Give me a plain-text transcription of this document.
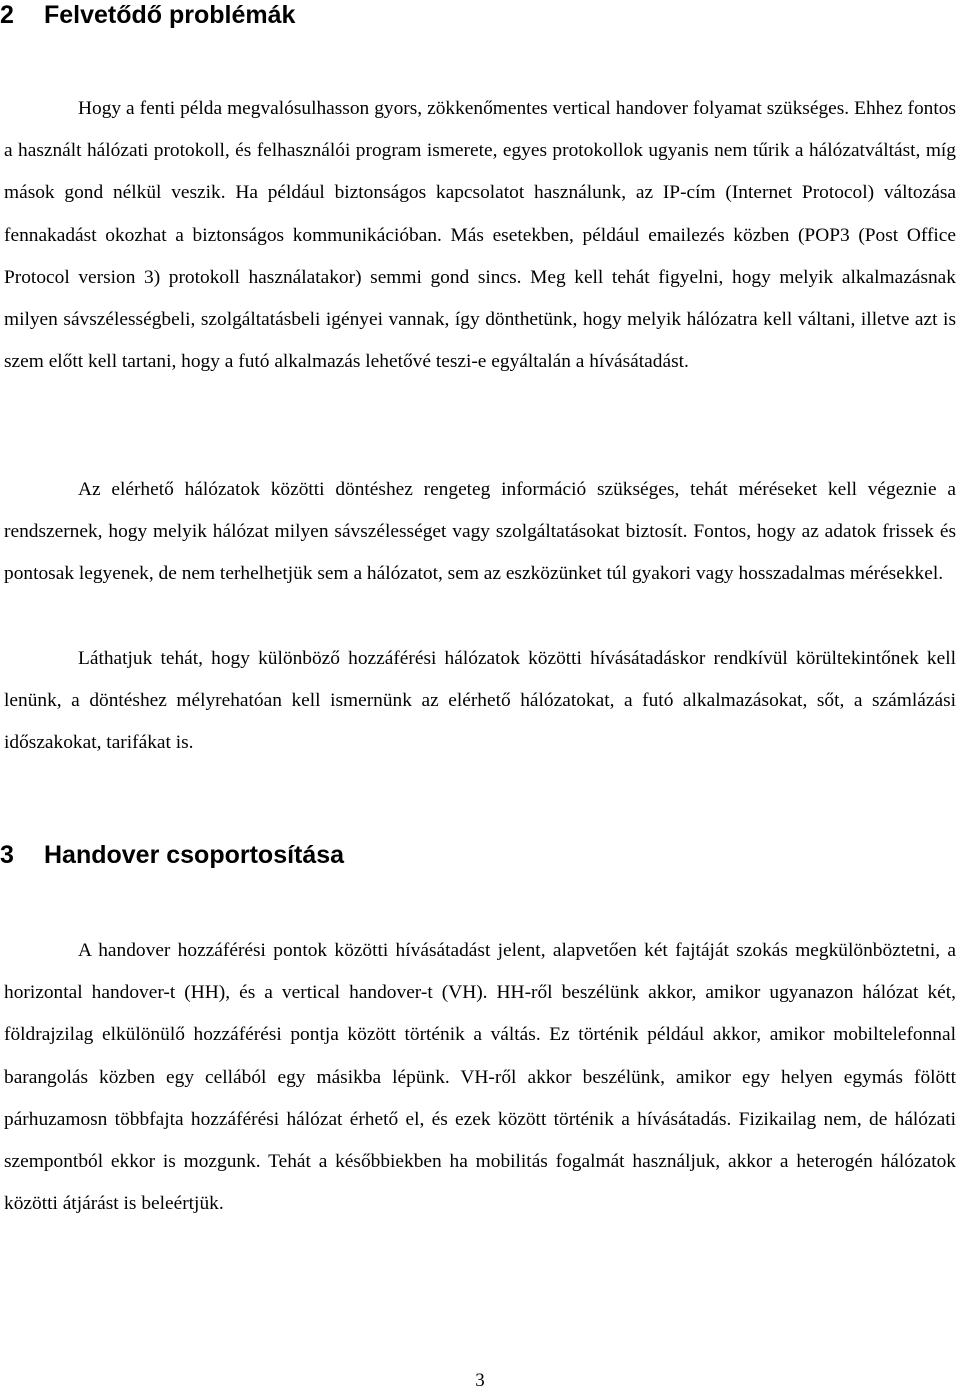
2 Felvetődő problémák

Hogy a fenti példa megvalósulhasson gyors, zökkenőmentes vertical handover folyamat szükséges. Ehhez fontos a használt hálózati protokoll, és felhasználói program ismerete, egyes protokollok ugyanis nem tűrik a hálózatváltást, míg mások gond nélkül veszik. Ha például biztonságos kapcsolatot használunk, az IP-cím (Internet Protocol) változása fennakadást okozhat a biztonságos kommunikációban. Más esetekben, például emailezés közben (POP3 (Post Office Protocol version 3) protokoll használatakor) semmi gond sincs. Meg kell tehát figyelni, hogy melyik alkalmazásnak milyen sávszélességbeli, szolgáltatásbeli igényei vannak, így dönthetünk, hogy melyik hálózatra kell váltani, illetve azt is szem előtt kell tartani, hogy a futó alkalmazás lehetővé teszi-e egyáltalán a hívásátadást.

Az elérhető hálózatok közötti döntéshez rengeteg információ szükséges, tehát méréseket kell végeznie a rendszernek, hogy melyik hálózat milyen sávszélességet vagy szolgáltatásokat biztosít. Fontos, hogy az adatok frissek és pontosak legyenek, de nem terhelhetjük sem a hálózatot, sem az eszközünket túl gyakori vagy hosszadalmas mérésekkel.

Láthatjuk tehát, hogy különböző hozzáférési hálózatok közötti hívásátadáskor rendkívül körültekintőnek kell lenünk, a döntéshez mélyrehatóan kell ismernünk az elérhető hálózatokat, a futó alkalmazásokat, sőt, a számlázási időszakokat, tarifákat is.

3 Handover csoportosítása

A handover hozzáférési pontok közötti hívásátadást jelent, alapvetően két fajtáját szokás megkülönböztetni, a horizontal handover-t (HH), és a vertical handover-t (VH). HH-ről beszélünk akkor, amikor ugyanazon hálózat két, földrajzilag elkülönülő hozzáférési pontja között történik a váltás. Ez történik például akkor, amikor mobiltelefonnal barangolás közben egy cellából egy másikba lépünk. VH-ről akkor beszélünk, amikor egy helyen egymás fölött párhuzamosn többfajta hozzáférési hálózat érhető el, és ezek között történik a hívásátadás. Fizikailag nem, de hálózati szempontból ekkor is mozgunk. Tehát a későbbiekben ha mobilitás fogalmát használjuk, akkor a heterogén hálózatok közötti átjárást is beleértjük.

3
